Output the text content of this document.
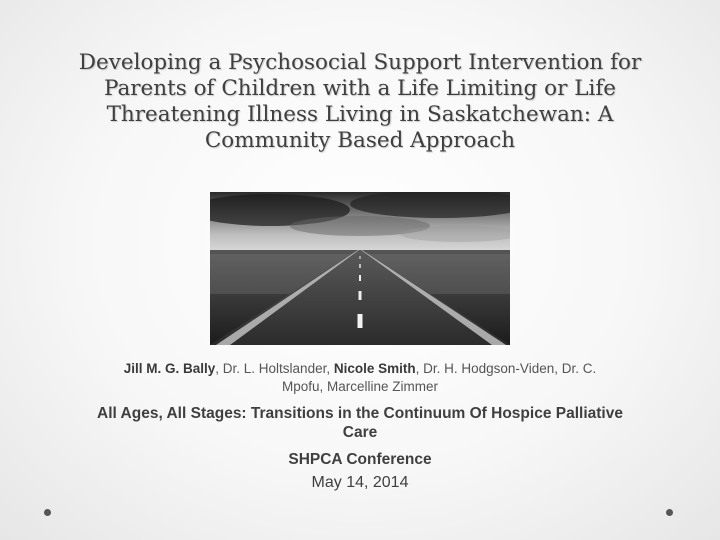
Developing a Psychosocial Support Intervention for Parents of Children with a Life Limiting or Life Threatening Illness Living in Saskatchewan: A Community Based Approach
Jill M. G. Bally, Dr. L. Holtslander, Nicole Smith, Dr. H. Hodgson-Viden, Dr. C. Mpofu, Marcelline Zimmer
All Ages, All Stages: Transitions in the Continuum Of Hospice Palliative Care
SHPCA Conference
May 14, 2014
